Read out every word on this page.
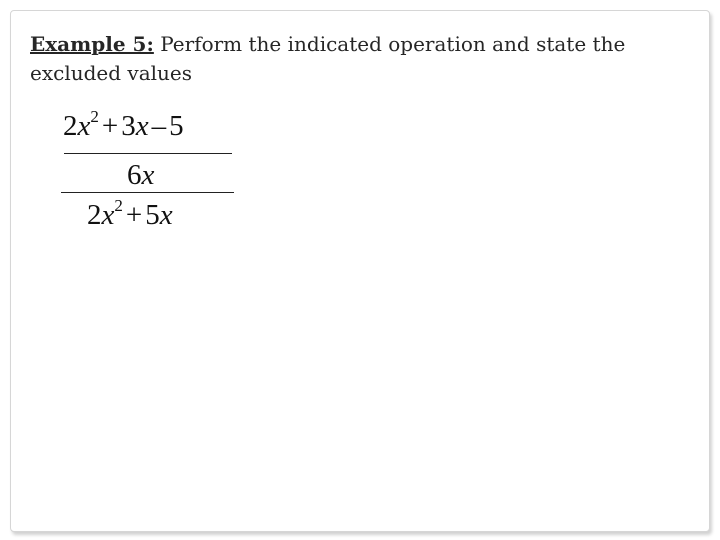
Example 5: Perform the indicated operation and state the excluded values
$2x^2 + 3x - 5$
6x
$2x^2 + 5x$
